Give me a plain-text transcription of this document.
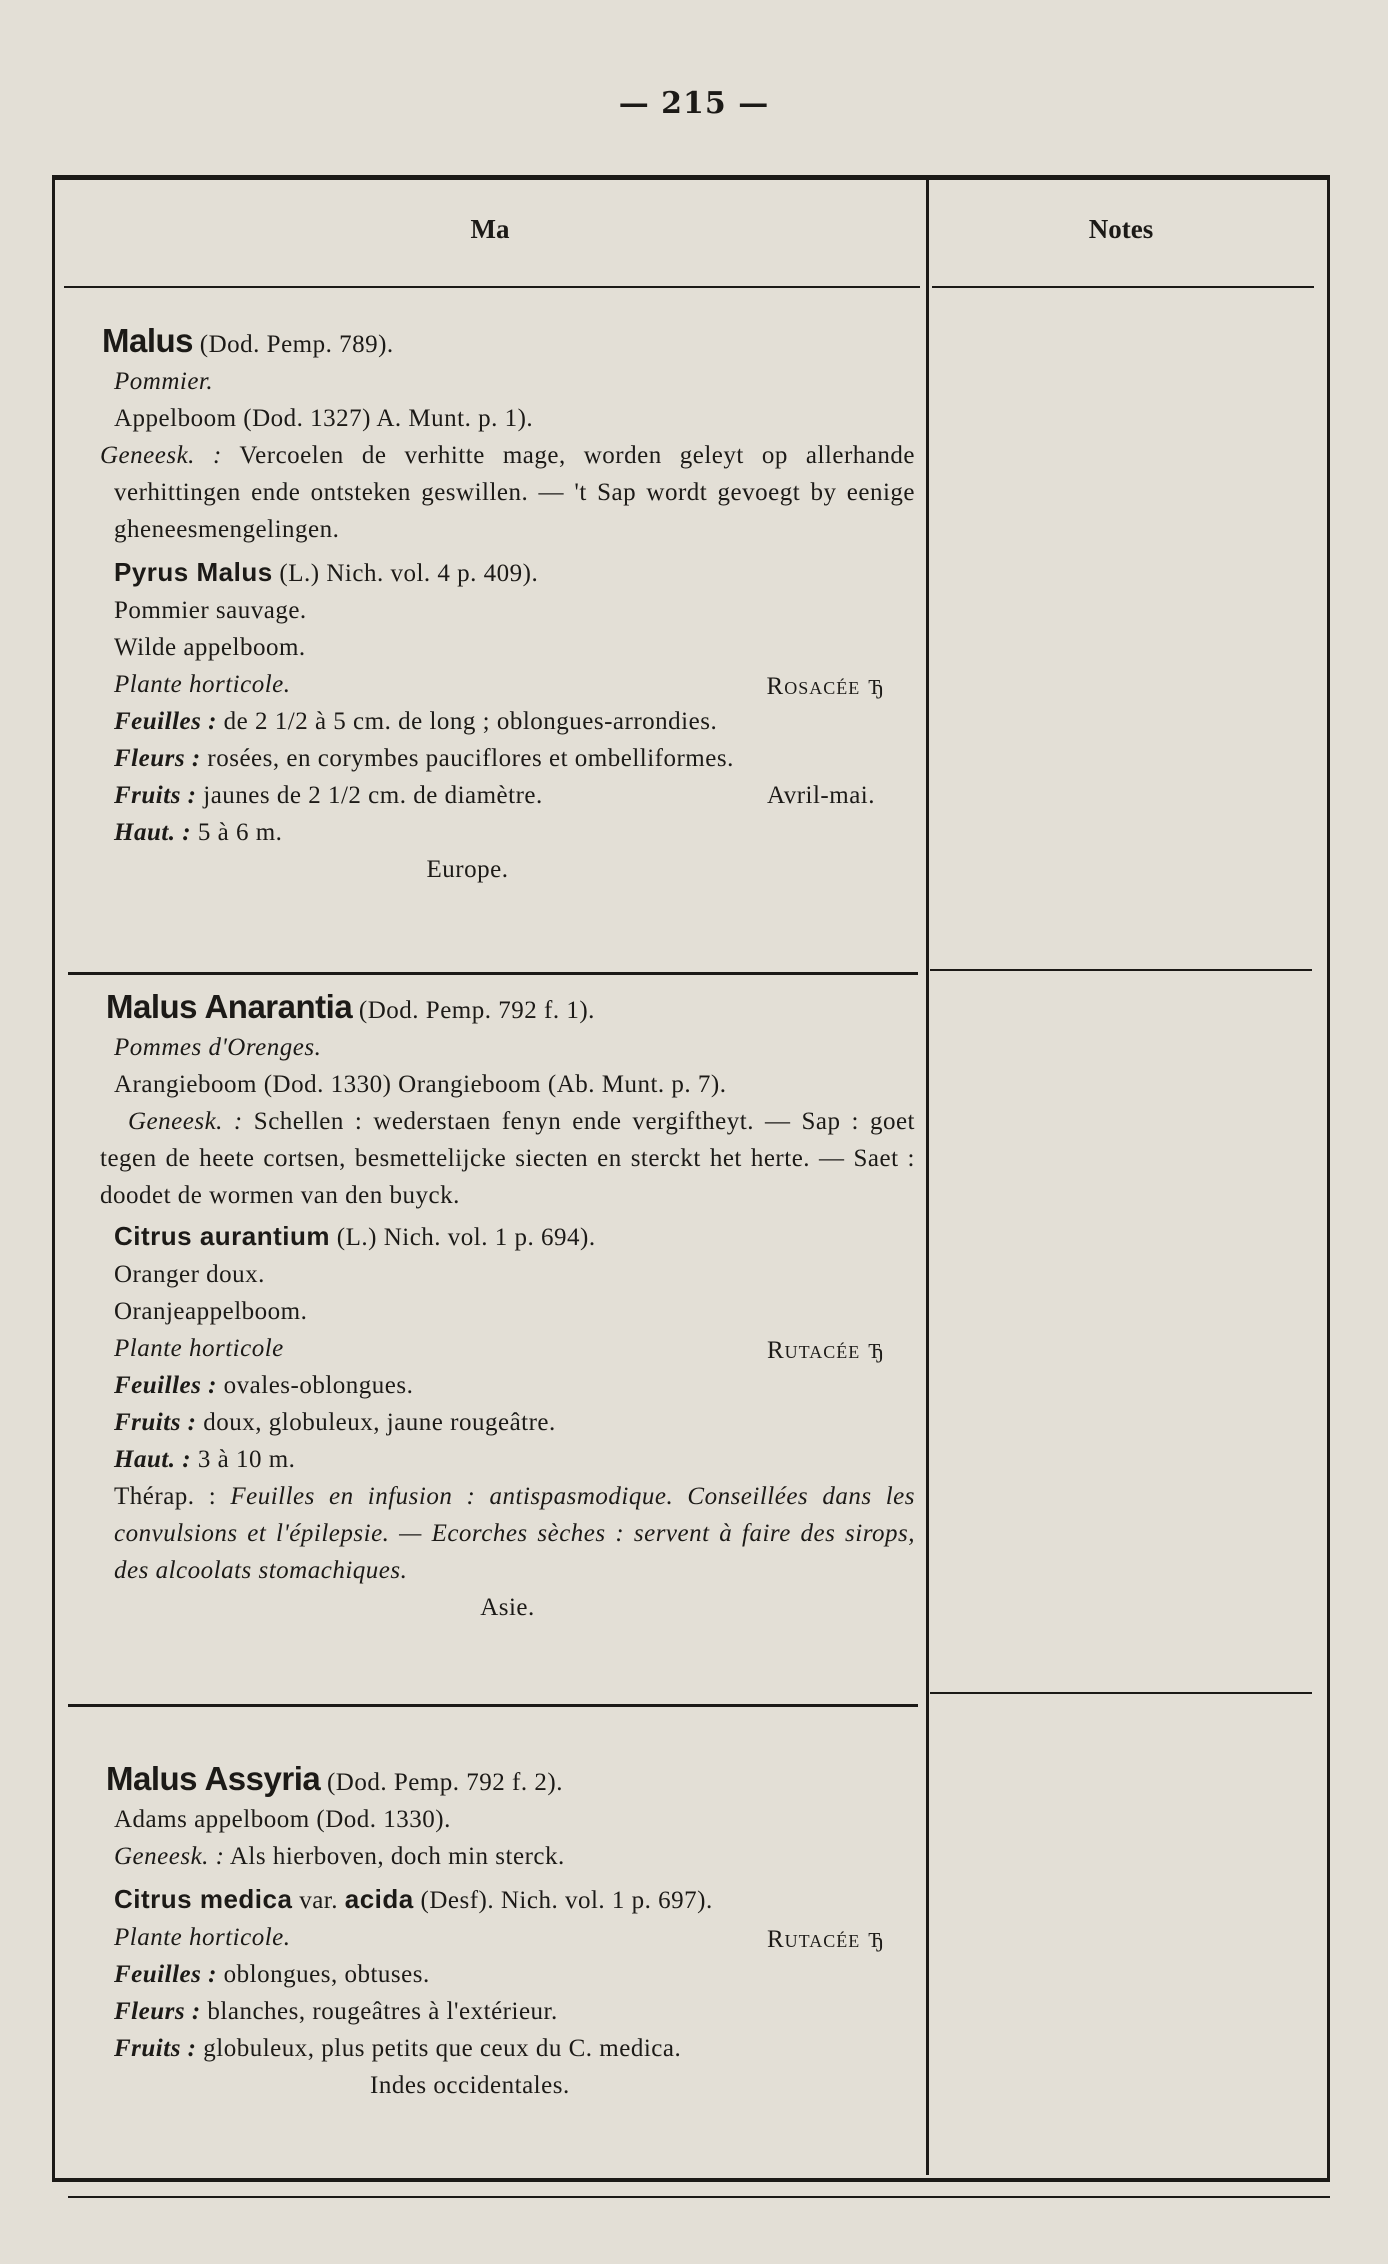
— 215 —
Ma	Notes
Malus (Dod. Pemp. 789).
Pommier.
Appelboom (Dod. 1327) A. Munt. p. 1).
Geneesk. : Vercoelen de verhitte mage, worden geleyt op allerhande verhittingen ende ontsteken geswillen. — 't Sap wordt gevoegt by eenige gheneesmengelingen.
Pyrus Malus (L.) Nich. vol. 4 p. 409).
Pommier sauvage.
Wilde appelboom.
Plante horticole.	Rosacée ђ
Feuilles : de 2 1/2 à 5 cm. de long ; oblongues-arrondies.
Fleurs : rosées, en corymbes pauciflores et ombelliformes.
Fruits : jaunes de 2 1/2 cm. de diamètre.	Avril-mai.
Haut. : 5 à 6 m.
Europe.
Malus Anarantia (Dod. Pemp. 792 f. 1).
Pommes d'Orenges.
Arangieboom (Dod. 1330) Orangieboom (Ab. Munt. p. 7).
Geneesk. : Schellen : wederstaen fenyn ende vergiftheyt. — Sap : goet tegen de heete cortsen, besmettelijcke siecten en sterckt het herte. — Saet : doodet de wormen van den buyck.
Citrus aurantium (L.) Nich. vol. 1 p. 694).
Oranger doux.
Oranjeappelboom.
Plante horticole	Rutacée ђ
Feuilles : ovales-oblongues.
Fruits : doux, globuleux, jaune rougeâtre.
Haut. : 3 à 10 m.
Thérap. : Feuilles en infusion : antispasmodique. Conseillées dans les convulsions et l'épilepsie. — Ecorches sèches : servent à faire des sirops, des alcoolats stomachiques.
Asie.
Malus Assyria (Dod. Pemp. 792 f. 2).
Adams appelboom (Dod. 1330).
Geneesk. : Als hierboven, doch min sterck.
Citrus medica var. acida (Desf). Nich. vol. 1 p. 697).
Plante horticole.	Rutacée ђ
Feuilles : oblongues, obtuses.
Fleurs : blanches, rougeâtres à l'extérieur.
Fruits : globuleux, plus petits que ceux du C. medica.
Indes occidentales.
